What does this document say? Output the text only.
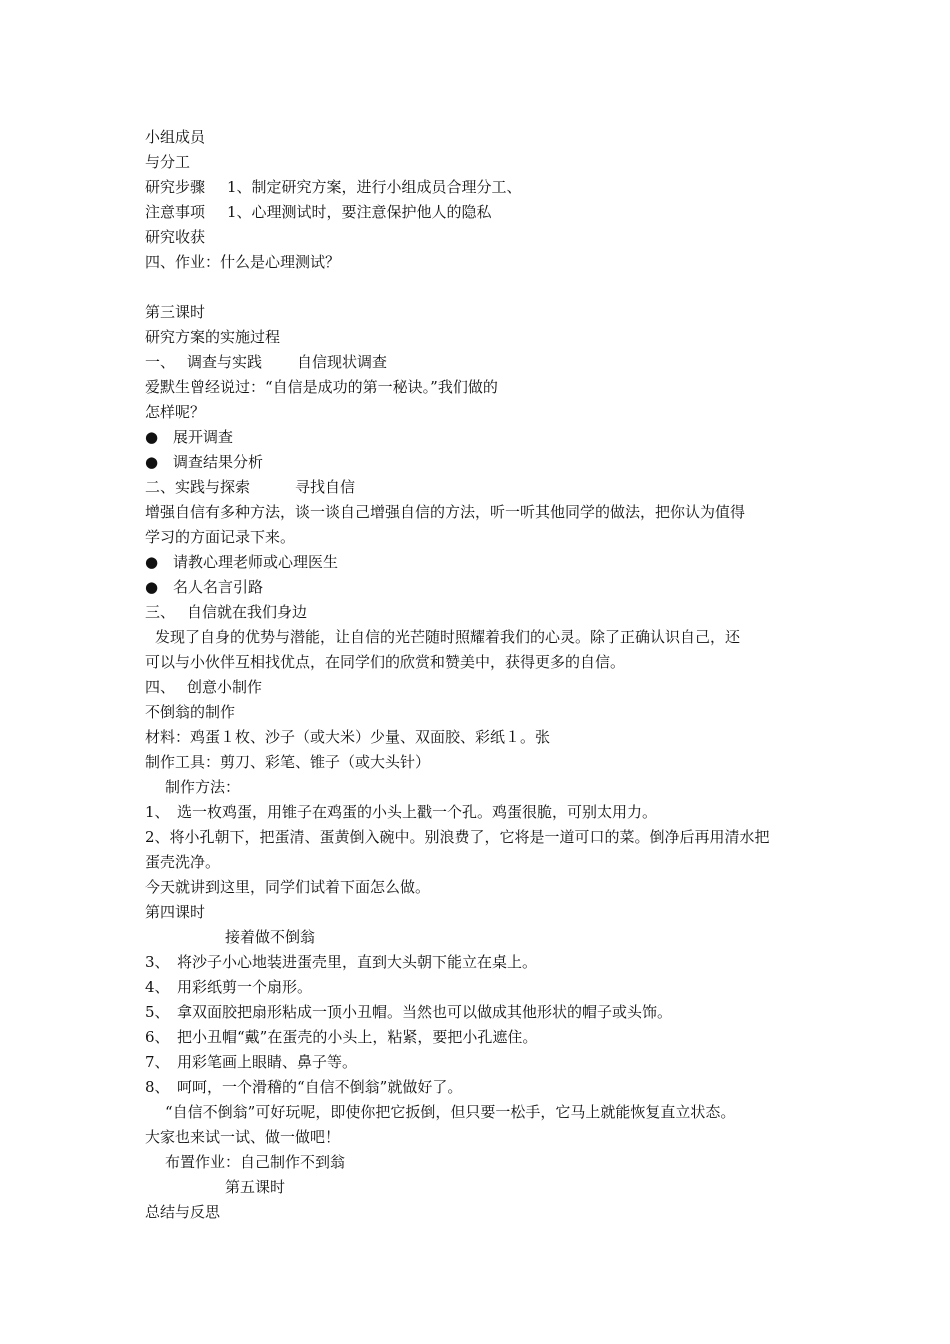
小组成员
与分工
研究步骤 1、制定研究方案，进行小组成员合理分工、
注意事项 1、心理测试时，要注意保护他人的隐私
研究收获
四、作业：什么是心理测试？
第三课时
研究方案的实施过程
一、 调查与实践 自信现状调查
爱默生曾经说过：“自信是成功的第一秘诀。”我们做的
怎样呢？
● 展开调查
● 调查结果分析
二、实践与探索	寻找自信
增强自信有多种方法，谈一谈自己增强自信的方法，听一听其他同学的做法，把你认为值得
学习的方面记录下来。
● 请教心理老师或心理医生
● 名人名言引路
三、 自信就在我们身边
发现了自身的优势与潜能，让自信的光芒随时照耀着我们的心灵。除了正确认识自己，还
可以与小伙伴互相找优点，在同学们的欣赏和赞美中，获得更多的自信。
四、 创意小制作
不倒翁的制作
材料：鸡蛋１枚、沙子（或大米）少量、双面胶、彩纸１。张
制作工具：剪刀、彩笔、锥子（或大头针）
制作方法：
1、 选一枚鸡蛋，用锥子在鸡蛋的小头上戳一个孔。鸡蛋很脆，可别太用力。
2、将小孔朝下，把蛋清、蛋黄倒入碗中。别浪费了，它将是一道可口的菜。倒净后再用清水把
蛋壳洗净。
今天就讲到这里，同学们试着下面怎么做。
第四课时
接着做不倒翁
3、 将沙子小心地装进蛋壳里，直到大头朝下能立在桌上。
4、 用彩纸剪一个扇形。
5、 拿双面胶把扇形粘成一顶小丑帽。当然也可以做成其他形状的帽子或头饰。
6、 把小丑帽“戴”在蛋壳的小头上，粘紧，要把小孔遮住。
7、 用彩笔画上眼睛、鼻子等。
8、 呵呵，一个滑稽的“自信不倒翁”就做好了。
“自信不倒翁”可好玩呢，即使你把它扳倒，但只要一松手，它马上就能恢复直立状态。
大家也来试一试、做一做吧！
布置作业：自己制作不到翁
第五课时
总结与反思
